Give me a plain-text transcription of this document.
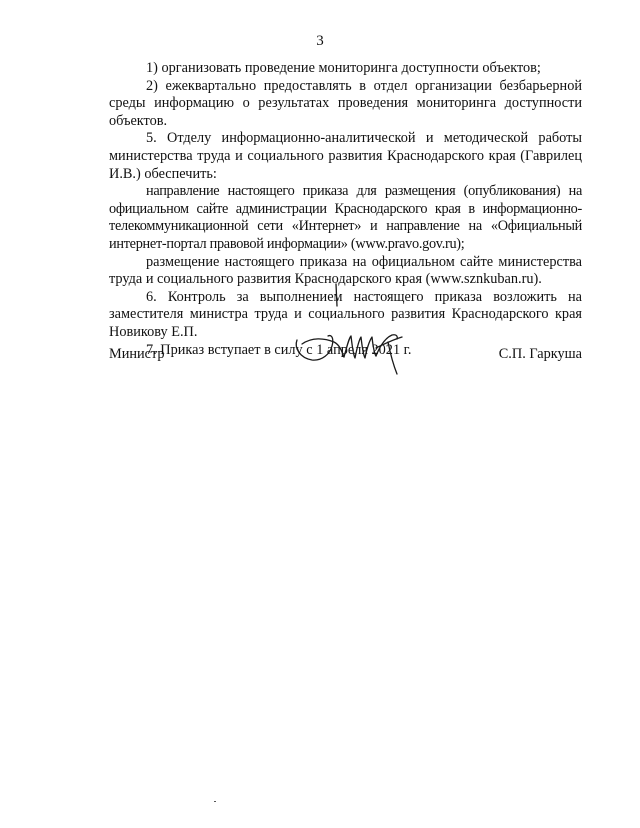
3

1) организовать проведение мониторинга доступности объектов;

2) ежеквартально предоставлять в отдел организации безбарьерной среды информацию о результатах проведения мониторинга доступности объектов.

5. Отделу информационно-аналитической и методической работы министерства труда и социального развития Краснодарского края (Гаврилец И.В.) обеспечить:

направление настоящего приказа для размещения (опубликования) на официальном сайте администрации Краснодарского края в информационно-телекоммуникационной сети «Интернет» и направление на «Официальный интернет-портал правовой информации» (www.pravo.gov.ru);

размещение настоящего приказа на официальном сайте министерства труда и социального развития Краснодарского края (www.sznkuban.ru).

6. Контроль за выполнением настоящего приказа возложить на заместителя министра труда и социального развития Краснодарского края Новикову Е.П.

7. Приказ вступает в силу с 1 апреля 2021 г.

Министр	С.П. Гаркуша
